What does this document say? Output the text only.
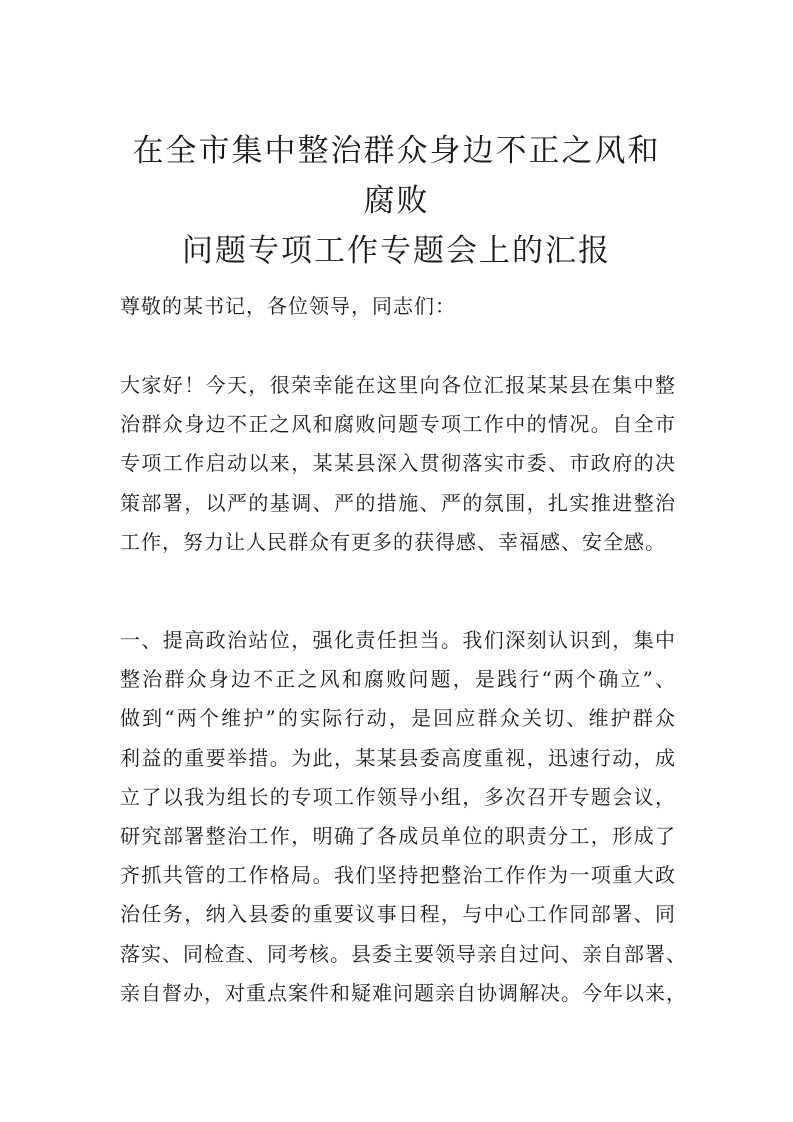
在全市集中整治群众身边不正之风和腐败
问题专项工作专题会上的汇报
尊敬的某书记，各位领导，同志们：
大家好！今天，很荣幸能在这里向各位汇报某某县在集中整
治群众身边不正之风和腐败问题专项工作中的情况。自全市
专项工作启动以来，某某县深入贯彻落实市委、市政府的决
策部署，以严的基调、严的措施、严的氛围，扎实推进整治
工作，努力让人民群众有更多的获得感、幸福感、安全感。
一、提高政治站位，强化责任担当。我们深刻认识到，集中
整治群众身边不正之风和腐败问题，是践行“两个确立”、
做到“两个维护”的实际行动，是回应群众关切、维护群众
利益的重要举措。为此，某某县委高度重视，迅速行动，成
立了以我为组长的专项工作领导小组，多次召开专题会议，
研究部署整治工作，明确了各成员单位的职责分工，形成了
齐抓共管的工作格局。我们坚持把整治工作作为一项重大政
治任务，纳入县委的重要议事日程，与中心工作同部署、同
落实、同检查、同考核。县委主要领导亲自过问、亲自部署、
亲自督办，对重点案件和疑难问题亲自协调解决。今年以来，
